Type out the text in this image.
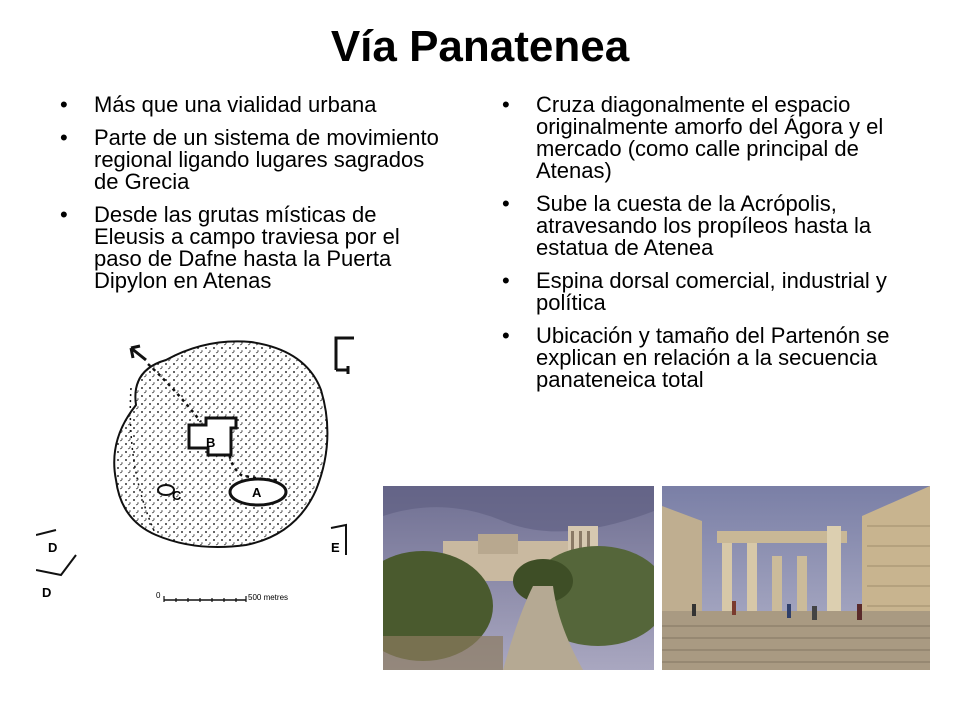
Vía Panatenea
• Más que una vialidad urbana
• Parte de un sistema de movimiento regional ligando lugares sagrados de Grecia
• Desde las grutas místicas de Eleusis a campo traviesa por el paso de Dafne hasta la Puerta Dipylon en Atenas
• Cruza diagonalmente el espacio originalmente amorfo del Ágora y el mercado (como calle principal de Atenas)
• Sube la cuesta de la Acrópolis, atravesando los propíleos hasta la estatua de Atenea
• Espina dorsal comercial, industrial y política
• Ubicación y tamaño del Partenón se explican en relación a la secuencia panateneica total
B
A
C
D
D
E
0	500 metres
